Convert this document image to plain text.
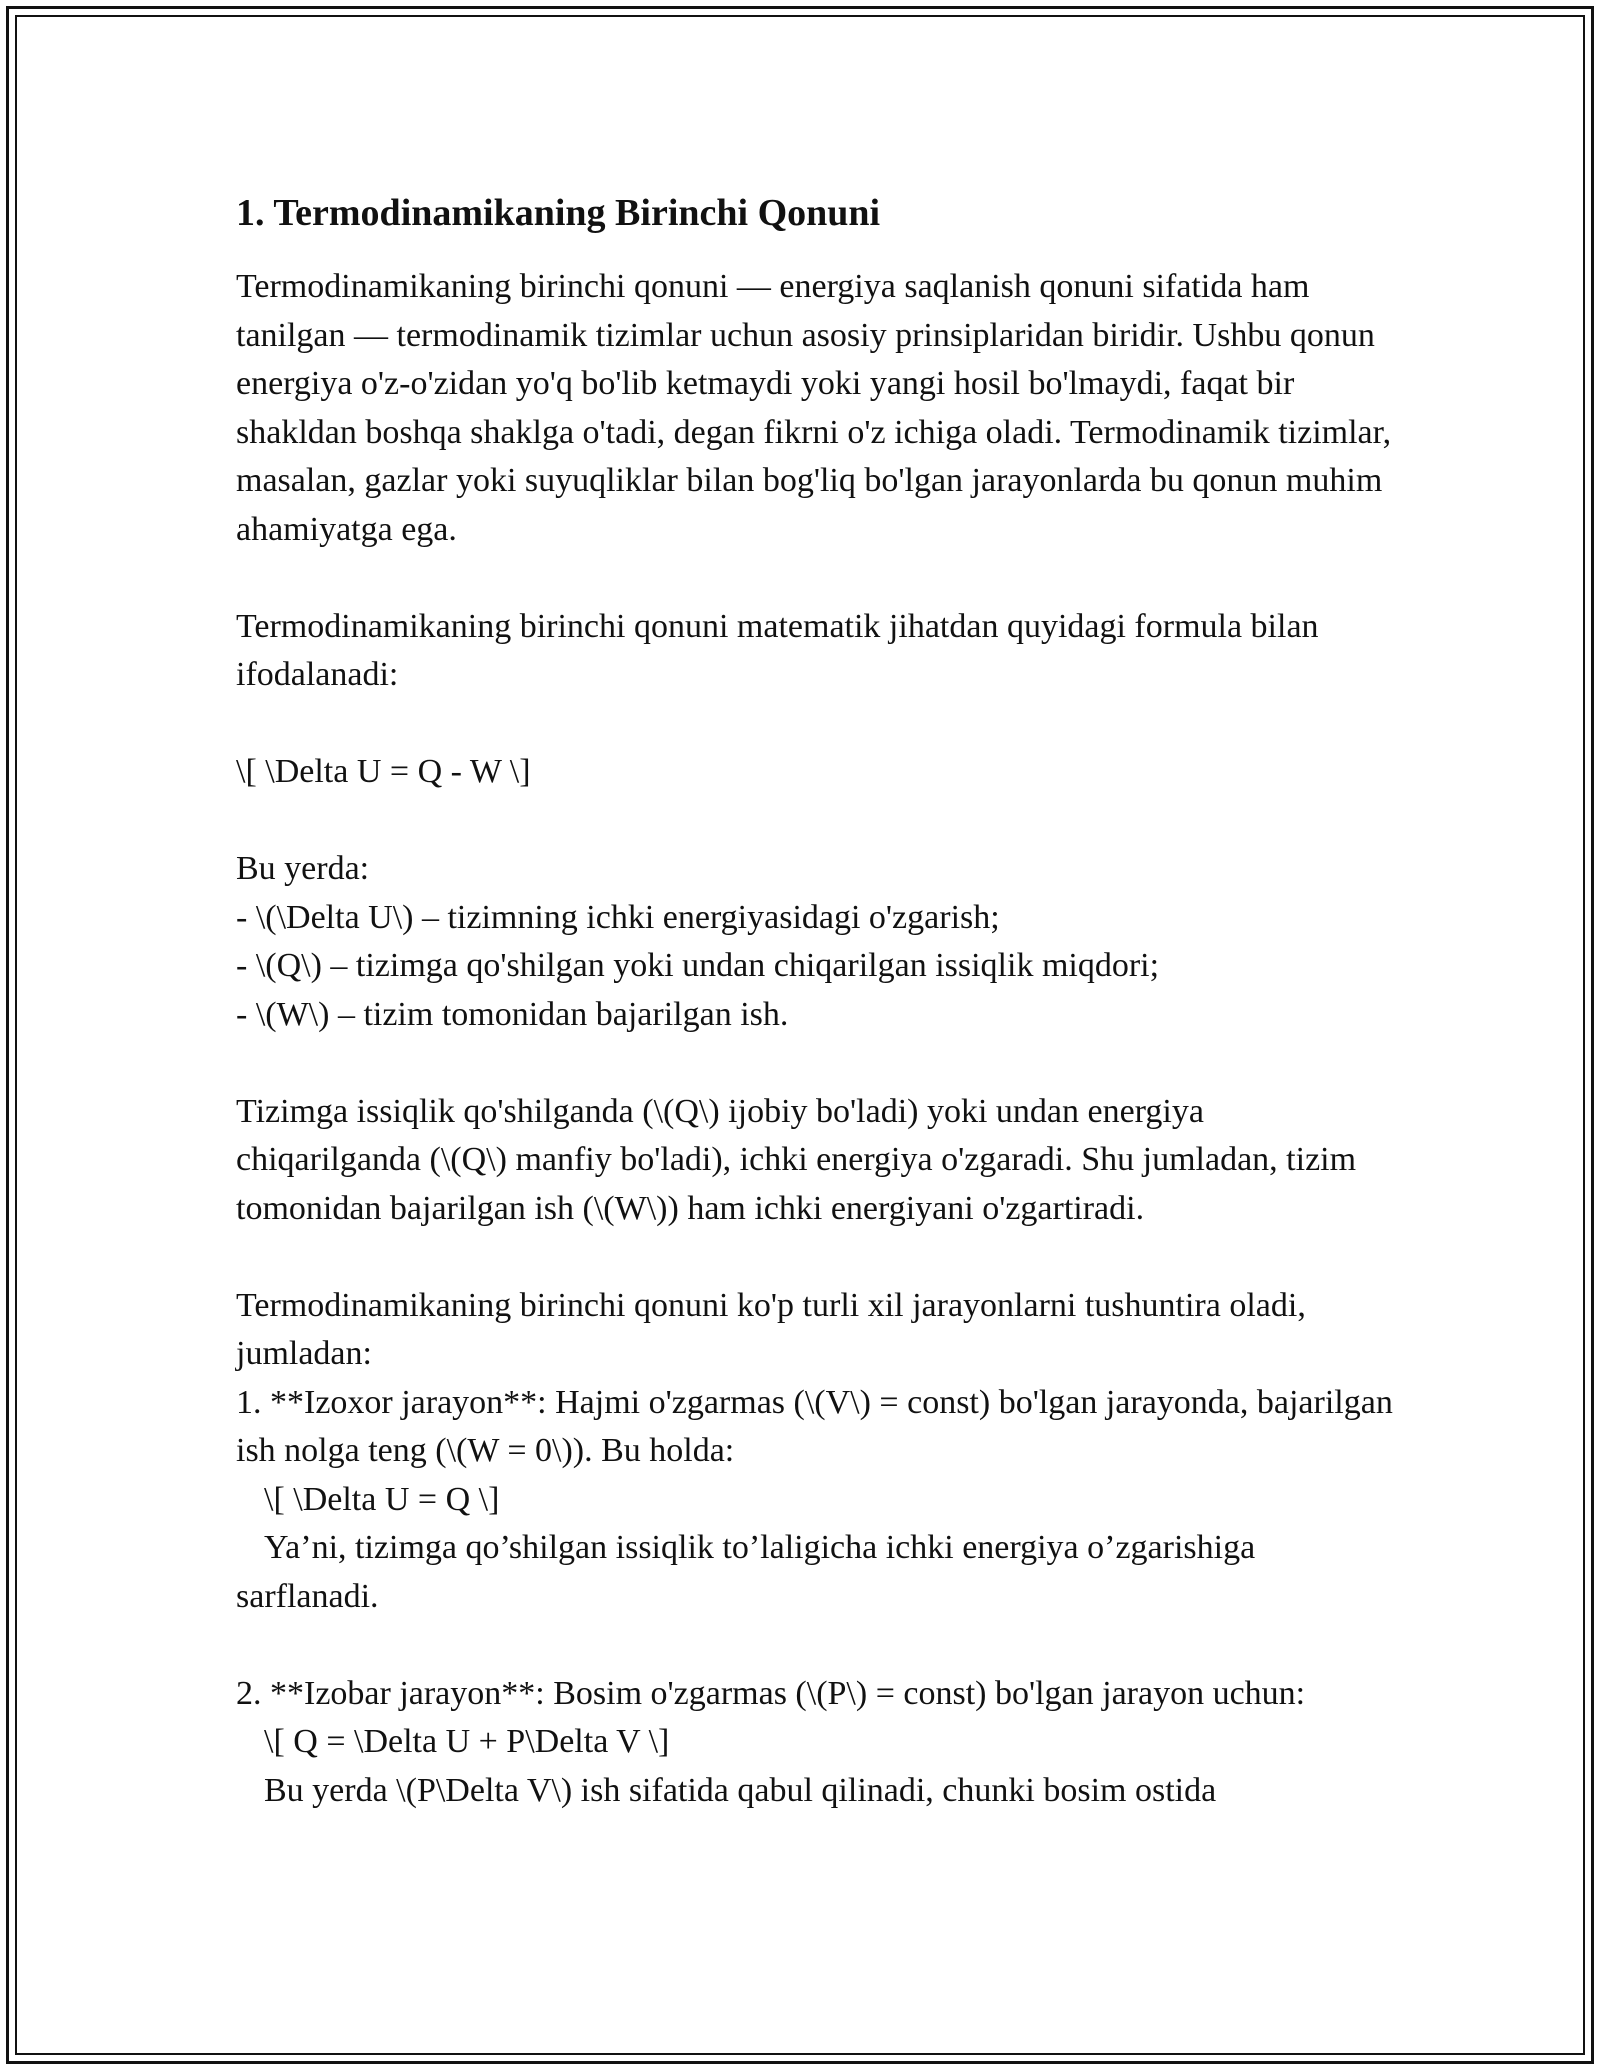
1. Termodinamikaning Birinchi Qonuni

Termodinamikaning birinchi qonuni — energiya saqlanish qonuni sifatida ham tanilgan — termodinamik tizimlar uchun asosiy prinsiplaridan biridir. Ushbu qonun energiya o'z-o'zidan yo'q bo'lib ketmaydi yoki yangi hosil bo'lmaydi, faqat bir shakldan boshqa shaklga o'tadi, degan fikrni o'z ichiga oladi. Termodinamik tizimlar, masalan, gazlar yoki suyuqliklar bilan bog'liq bo'lgan jarayonlarda bu qonun muhim ahamiyatga ega.

Termodinamikaning birinchi qonuni matematik jihatdan quyidagi formula bilan ifodalanadi:

\[ \Delta U = Q - W \]

Bu yerda:

- \(\Delta U\) – tizimning ichki energiyasidagi o'zgarish;

- \(Q\) – tizimga qo'shilgan yoki undan chiqarilgan issiqlik miqdori;

- \(W\) – tizim tomonidan bajarilgan ish.

Tizimga issiqlik qo'shilganda (\(Q\) ijobiy bo'ladi) yoki undan energiya chiqarilganda (\(Q\) manfiy bo'ladi), ichki energiya o'zgaradi. Shu jumladan, tizim tomonidan bajarilgan ish (\(W\)) ham ichki energiyani o'zgartiradi.

Termodinamikaning birinchi qonuni ko'p turli xil jarayonlarni tushuntira oladi, jumladan:

1. **Izoxor jarayon**: Hajmi o'zgarmas (\(V\) = const) bo'lgan jarayonda, bajarilgan ish nolga teng (\(W = 0\)). Bu holda:

\[ \Delta U = Q \]

Ya’ni, tizimga qo’shilgan issiqlik to’laligicha ichki energiya o’zgarishiga sarflanadi.

2. **Izobar jarayon**: Bosim o'zgarmas (\(P\) = const) bo'lgan jarayon uchun:

\[ Q = \Delta U + P\Delta V \]

Bu yerda \(P\Delta V\) ish sifatida qabul qilinadi, chunki bosim ostida
